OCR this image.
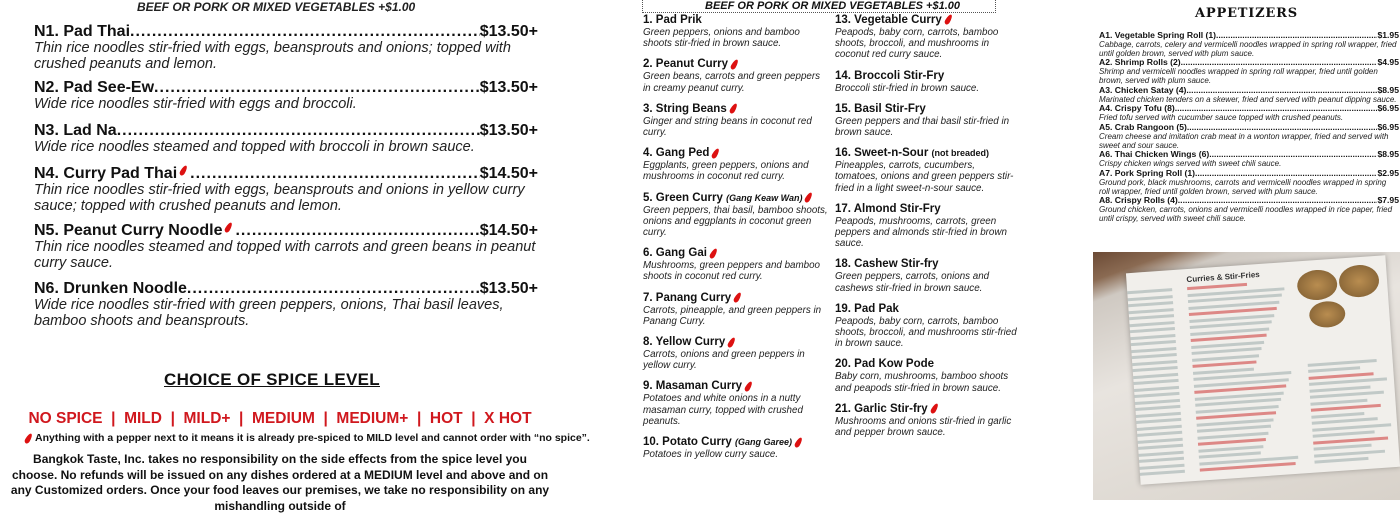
BEEF OR PORK OR MIXED VEGETABLES +$1.00
N1. Pad Thai .....	$13.50+
Thin rice noodles stir-fried with eggs, beansprouts and onions; topped with crushed peanuts and lemon.
N2. Pad See-Ew .....	$13.50+
Wide rice noodles stir-fried with eggs and broccoli.
N3. Lad Na .....	$13.50+
Wide rice noodles steamed and topped with broccoli in brown sauce.
N4. Curry Pad Thai .....	$14.50+
Thin rice noodles stir-fried with eggs, beansprouts and onions in yellow curry sauce; topped with crushed peanuts and lemon.
N5. Peanut Curry Noodle .....	$14.50+
Thin rice noodles steamed and topped with carrots and green beans in peanut curry sauce.
N6. Drunken Noodle .....	$13.50+
Wide rice noodles stir-fried with green peppers, onions, Thai basil leaves, bamboo shoots and beansprouts.
CHOICE OF SPICE LEVEL
NO SPICE  |  MILD  |  MILD+  |  MEDIUM  |  MEDIUM+  |  HOT  |  X HOT
Anything with a pepper next to it means it is already pre-spiced to MILD level and cannot order with “no spice”.
Bangkok Taste, Inc. takes no responsibility on the side effects from the spice level you choose. No refunds will be issued on any dishes ordered at a MEDIUM level and above and on any Customized orders. Once your food leaves our premises, we take no responsibility on any mishandling outside of
BEEF OR PORK OR MIXED VEGETABLES +$1.00
1. Pad Prik
Green peppers, onions and bamboo shoots stir-fried in brown sauce.
2. Peanut Curry
Green beans, carrots and green peppers in creamy peanut curry.
3. String Beans
Ginger and string beans in coconut red curry.
4. Gang Ped
Eggplants, green peppers, onions and mushrooms in coconut red curry.
5. Green Curry (Gang Keaw Wan)
Green peppers, thai basil, bamboo shoots, onions and eggplants in coconut green curry.
6. Gang Gai
Mushrooms, green peppers and bamboo shoots in coconut red curry.
7. Panang Curry
Carrots, pineapple, and green peppers in Panang Curry.
8. Yellow Curry
Carrots, onions and green peppers in yellow curry.
9. Masaman Curry
Potatoes and white onions in a nutty masaman curry, topped with crushed peanuts.
10. Potato Curry (Gang Garee)
Potatoes in yellow curry sauce.
13. Vegetable Curry
Peapods, baby corn, carrots, bamboo shoots, broccoli, and mushrooms in coconut red curry sauce.
14. Broccoli Stir-Fry
Broccoli stir-fried in brown sauce.
15. Basil Stir-Fry
Green peppers and thai basil stir-fried in brown sauce.
16. Sweet-n-Sour (not breaded)
Pineapples, carrots, cucumbers, tomatoes, onions and green peppers stir-fried in a light sweet-n-sour sauce.
17. Almond Stir-Fry
Peapods, mushrooms, carrots, green peppers and almonds stir-fried in brown sauce.
18. Cashew Stir-fry
Green peppers, carrots, onions and cashews stir-fried in brown sauce.
19. Pad Pak
Peapods, baby corn, carrots, bamboo shoots, broccoli, and mushrooms stir-fried in brown sauce.
20. Pad Kow Pode
Baby corn, mushrooms, bamboo shoots and peapods stir-fried in brown sauce.
21. Garlic Stir-fry
Mushrooms and onions stir-fried in garlic and pepper brown sauce.
APPETIZERS
A1. Vegetable Spring Roll (1) .....	$1.95
Cabbage, carrots, celery and vermicelli noodles wrapped in spring roll wrapper, fried until golden brown, served with plum sauce.
A2. Shrimp Rolls (2) .....	$4.95
Shrimp and vermicelli noodles wrapped in spring roll wrapper, fried until golden brown, served with plum sauce.
A3. Chicken Satay (4) .....	$8.95
Marinated chicken tenders on a skewer, fried and served with peanut dipping sauce.
A4. Crispy Tofu (8) .....	$6.95
Fried tofu served with cucumber sauce topped with crushed peanuts.
A5. Crab Rangoon (5) .....	$6.95
Cream cheese and imitation crab meat in a wonton wrapper, fried and served with sweet and sour sauce.
A6. Thai Chicken Wings (6) .....	$8.95
Crispy chicken wings served with sweet chili sauce.
A7. Pork Spring Roll (1) .....	$2.95
Ground pork, black mushrooms, carrots and vermicelli noodles wrapped in spring roll wrapper, fried until golden brown, served with plum sauce.
A8. Crispy Rolls (4) .....	$7.95
Ground chicken, carrots, onions and vermicelli noodles wrapped in rice paper, fried until crispy, served with sweet chili sauce.
Curries & Stir-Fries
